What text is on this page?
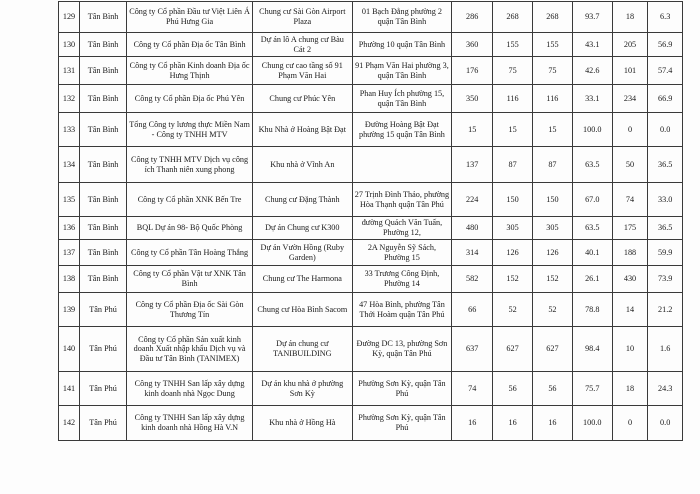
129	Tân Bình	Công ty Cổ phần Đầu tư Việt Liên Á Phú Hưng Gia	Chung cư Sài Gòn Airport Plaza	01 Bạch Đằng phường 2 quận Tân Bình	286	268	268	93.7	18	6.3
130	Tân Bình	Công ty Cổ phần Địa ốc Tân Bình	Dự án lô A chung cư Bàu Cát 2	Phường 10 quận Tân Bình	360	155	155	43.1	205	56.9
131	Tân Bình	Công ty Cổ phần Kinh doanh Địa ốc Hưng Thịnh	Chung cư cao tầng số 91 Phạm Văn Hai	91 Phạm Văn Hai phường 3, quận Tân Bình	176	75	75	42.6	101	57.4
132	Tân Bình	Công ty Cổ phần Địa ốc Phú Yên	Chung cư Phúc Yên	Phan Huy Ích phường 15, quận Tân Bình	350	116	116	33.1	234	66.9
133	Tân Bình	Tổng Công ty lương thực Miền Nam - Công ty TNHH MTV	Khu Nhà ở Hoàng Bật Đạt	Đường Hoàng Bật Đạt phường 15 quận Tân Bình	15	15	15	100.0	0	0.0
134	Tân Bình	Công ty TNHH MTV Dịch vụ công ích Thanh niên xung phong	Khu nhà ở Vĩnh An		137	87	87	63.5	50	36.5
135	Tân Bình	Công ty Cổ phần XNK Bến Tre	Chung cư Đặng Thành	27 Trịnh Đình Thảo, phường Hòa Thạnh quận Tân Phú	224	150	150	67.0	74	33.0
136	Tân Bình	BQL Dự án 98- Bộ Quốc Phòng	Dự án Chung cư K300	đường Quách Văn Tuấn, Phường 12,	480	305	305	63.5	175	36.5
137	Tân Bình	Công ty Cổ phần Tân Hoàng Thắng	Dự án Vườn Hồng (Ruby Garden)	2A Nguyễn Sỹ Sách, Phường 15	314	126	126	40.1	188	59.9
138	Tân Bình	Công ty Cổ phần Vật tư XNK Tân Bình	Chung cư The Harmona	33 Trương Công Định, Phường 14	582	152	152	26.1	430	73.9
139	Tân Phú	Công ty Cổ phần Địa ốc Sài Gòn Thương Tín	Chung cư Hòa Bình Sacom	47 Hòa Bình, phường Tân Thới Hoàm quận Tân Phú	66	52	52	78.8	14	21.2
140	Tân Phú	Công ty Cổ phần Sản xuất kinh doanh Xuất nhập khẩu Dịch vụ và Đầu tư Tân Bình (TANIMEX)	Dự án chung cư TANIBUILDING	Đường DC 13, phường Sơn Kỳ, quận Tân Phú	637	627	627	98.4	10	1.6
141	Tân Phú	Công ty TNHH San lấp xây dựng kinh doanh nhà Ngọc Dung	Dự án khu nhà ở phường Sơn Kỳ	Phường Sơn Kỳ, quận Tân Phú	74	56	56	75.7	18	24.3
142	Tân Phú	Công ty TNHH San lấp xây dựng kinh doanh nhà Hồng Hà V.N	Khu nhà ở Hồng Hà	Phường Sơn Kỳ, quận Tân Phú	16	16	16	100.0	0	0.0
